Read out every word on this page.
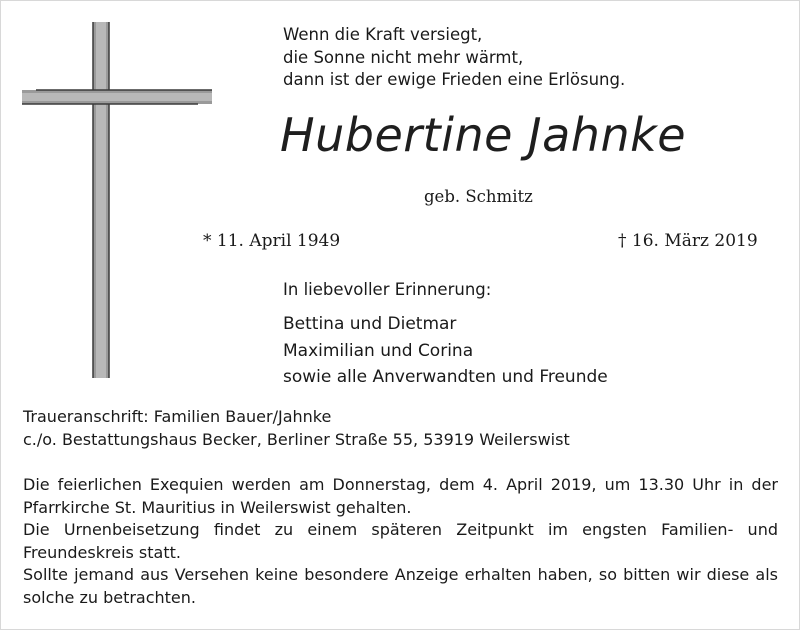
Wenn die Kraft versiegt,
die Sonne nicht mehr wärmt,
dann ist der ewige Frieden eine Erlösung.
Hubertine Jahnke
geb. Schmitz
* 11. April 1949	† 16. März 2019
In liebevoller Erinnerung:
Bettina und Dietmar
Maximilian und Corina
sowie alle Anverwandten und Freunde
Traueranschrift: Familien Bauer/Jahnke
c./o. Bestattungshaus Becker, Berliner Straße 55, 53919 Weilerswist

Die feierlichen Exequien werden am Donnerstag, dem 4. April 2019, um 13.30 Uhr in der Pfarrkirche St. Mauritius in Weilerswist gehalten.

Die Urnenbeisetzung findet zu einem späteren Zeitpunkt im engsten Familien- und Freundeskreis statt.

Sollte jemand aus Versehen keine besondere Anzeige erhalten haben, so bitten wir diese als solche zu betrachten.
